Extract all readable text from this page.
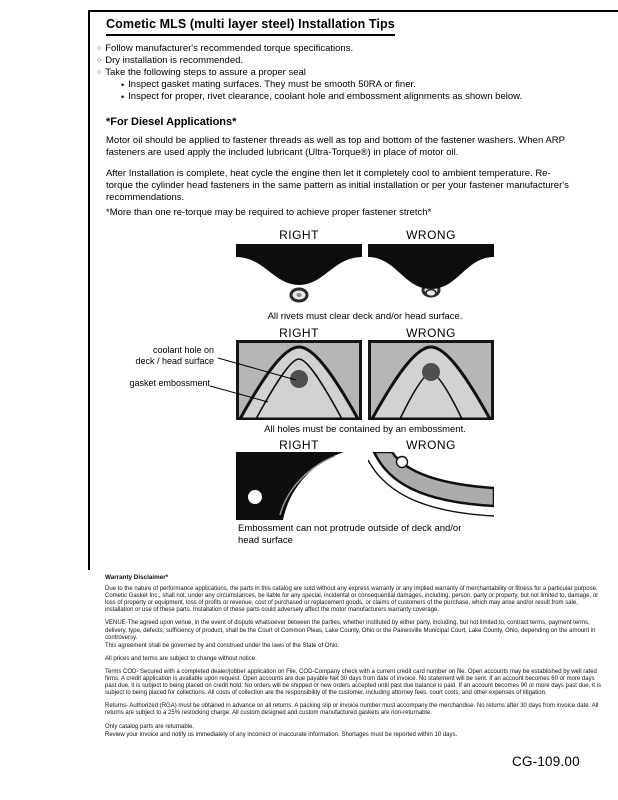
Cometic MLS (multi layer steel) Installation Tips
○ Follow manufacturer's recommended torque specifications.
○ Dry installation is recommended.
○ Take the following steps to assure a proper seal
• Inspect gasket mating surfaces. They must be smooth 50RA or finer.
• Inspect for proper, rivet clearance, coolant hole and embossment alignments as shown below.
*For Diesel Applications*
Motor oil should be applied to fastener threads as well as top and bottom of the fastener washers. When ARP fasteners are used apply the included lubricant (Ultra-Torque®) in place of motor oil.
After Installation is complete, heat cycle the engine then let it completely cool to ambient temperature. Re-torque the cylinder head fasteners in the same pattern as initial installation or per your fastener manufacturer's recommendations.
*More than one re-torque may be required to achieve proper fastener stretch*
RIGHT	WRONG
All rivets must clear deck and/or head surface.
RIGHT	WRONG
coolant hole on
deck / head surface
gasket embossment
All holes must be contained by an embossment.
RIGHT	WRONG
Embossment can not protrude outside of deck and/or head surface
Warranty Disclaimer*

Due to the nature of performance applications, the parts in this catalog are sold without any express warranty or any implied warranty of merchantability or fitness for a particular purpose. Cometic Gasket Inc., shall not, under any circumstances, be liable for any special, incidental or consequential damages, including, person, party or property, but not limited to, damage, or loss of property or equipment, loss of profits or revenue, cost of purchased or replacement goods, or claims of customers of the purchase, which may arise and/or result from sale, installation or use of these parts. Installation of these parts could adversely affect the motor manufacturers warranty coverage.

VENUE-The agreed upon venue, in the event of dispute whatsoever between the parties, whether instituted by either party, including, but not limited to, contract terms, payment terms, delivery, type, defects, sufficiency of product, shall be the Court of Common Pleas, Lake County, Ohio or the Painesville Municipal Court, Lake County, Ohio, depending on the amount in controversy.

This agreement shall be governed by and construed under the laws of the State of Ohio.

All prices and terms are subject to change without notice.

Terms COD- Secured with a completed dealer/jobber application on File, COD-Company check with a current credit card number on file. Open accounts may be established by well rated firms. A credit application is available upon request. Open accounts are due payable Net 30 days from date of invoice. No statement will be sent. If an account becomes 60 or more days past due, it is subject to being placed on credit hold. No orders will be shipped or new orders accepted until past due balance is paid. If an account becomes 90 or more days past due, it is subject to being placed for collections. All costs of collection are the responsibility of the customer, including attorney fees, court costs, and other expenses of litigation.

Returns- Authorized (RGA) must be obtained in advance on all returns. A packing slip or invoice number must accompany the merchandise. No returns after 30 days from invoice date. All returns are subject to a 25% restocking charge. All custom designed and custom manufactured gaskets are non-returnable.

Only catalog parts are returnable.

Review your invoice and notify us immediately of any incorrect or inaccurate information. Shortages must be reported within 10 days.

CG-109.00
